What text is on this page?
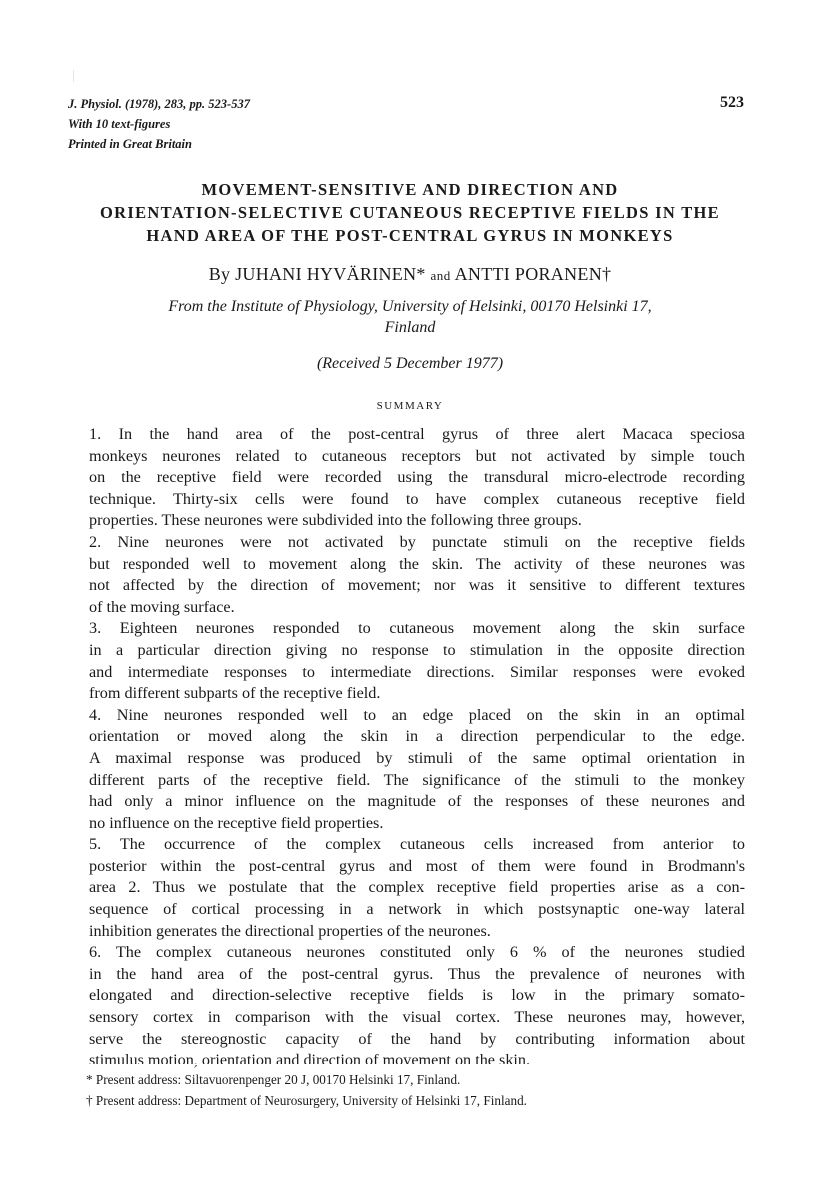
J. Physiol. (1978), 283, pp. 523-537
With 10 text-figures
Printed in Great Britain
523
MOVEMENT-SENSITIVE AND DIRECTION AND
ORIENTATION-SELECTIVE CUTANEOUS RECEPTIVE FIELDS IN THE
HAND AREA OF THE POST-CENTRAL GYRUS IN MONKEYS
By JUHANI HYVÄRINEN* and ANTTI PORANEN†
From the Institute of Physiology, University of Helsinki, 00170 Helsinki 17,
Finland
(Received 5 December 1977)
SUMMARY
1. In the hand area of the post-central gyrus of three alert Macaca speciosa
monkeys neurones related to cutaneous receptors but not activated by simple touch
on the receptive field were recorded using the transdural micro-electrode recording
technique. Thirty-six cells were found to have complex cutaneous receptive field
properties. These neurones were subdivided into the following three groups.
2. Nine neurones were not activated by punctate stimuli on the receptive fields
but responded well to movement along the skin. The activity of these neurones was
not affected by the direction of movement; nor was it sensitive to different textures
of the moving surface.
3. Eighteen neurones responded to cutaneous movement along the skin surface
in a particular direction giving no response to stimulation in the opposite direction
and intermediate responses to intermediate directions. Similar responses were evoked
from different subparts of the receptive field.
4. Nine neurones responded well to an edge placed on the skin in an optimal
orientation or moved along the skin in a direction perpendicular to the edge.
A maximal response was produced by stimuli of the same optimal orientation in
different parts of the receptive field. The significance of the stimuli to the monkey
had only a minor influence on the magnitude of the responses of these neurones and
no influence on the receptive field properties.
5. The occurrence of the complex cutaneous cells increased from anterior to
posterior within the post-central gyrus and most of them were found in Brodmann's
area 2. Thus we postulate that the complex receptive field properties arise as a con-
sequence of cortical processing in a network in which postsynaptic one-way lateral
inhibition generates the directional properties of the neurones.
6. The complex cutaneous neurones constituted only 6 % of the neurones studied
in the hand area of the post-central gyrus. Thus the prevalence of neurones with
elongated and direction-selective receptive fields is low in the primary somato-
sensory cortex in comparison with the visual cortex. These neurones may, however,
serve the stereognostic capacity of the hand by contributing information about
stimulus motion, orientation and direction of movement on the skin.
* Present address: Siltavuorenpenger 20 J, 00170 Helsinki 17, Finland.
† Present address: Department of Neurosurgery, University of Helsinki 17, Finland.
